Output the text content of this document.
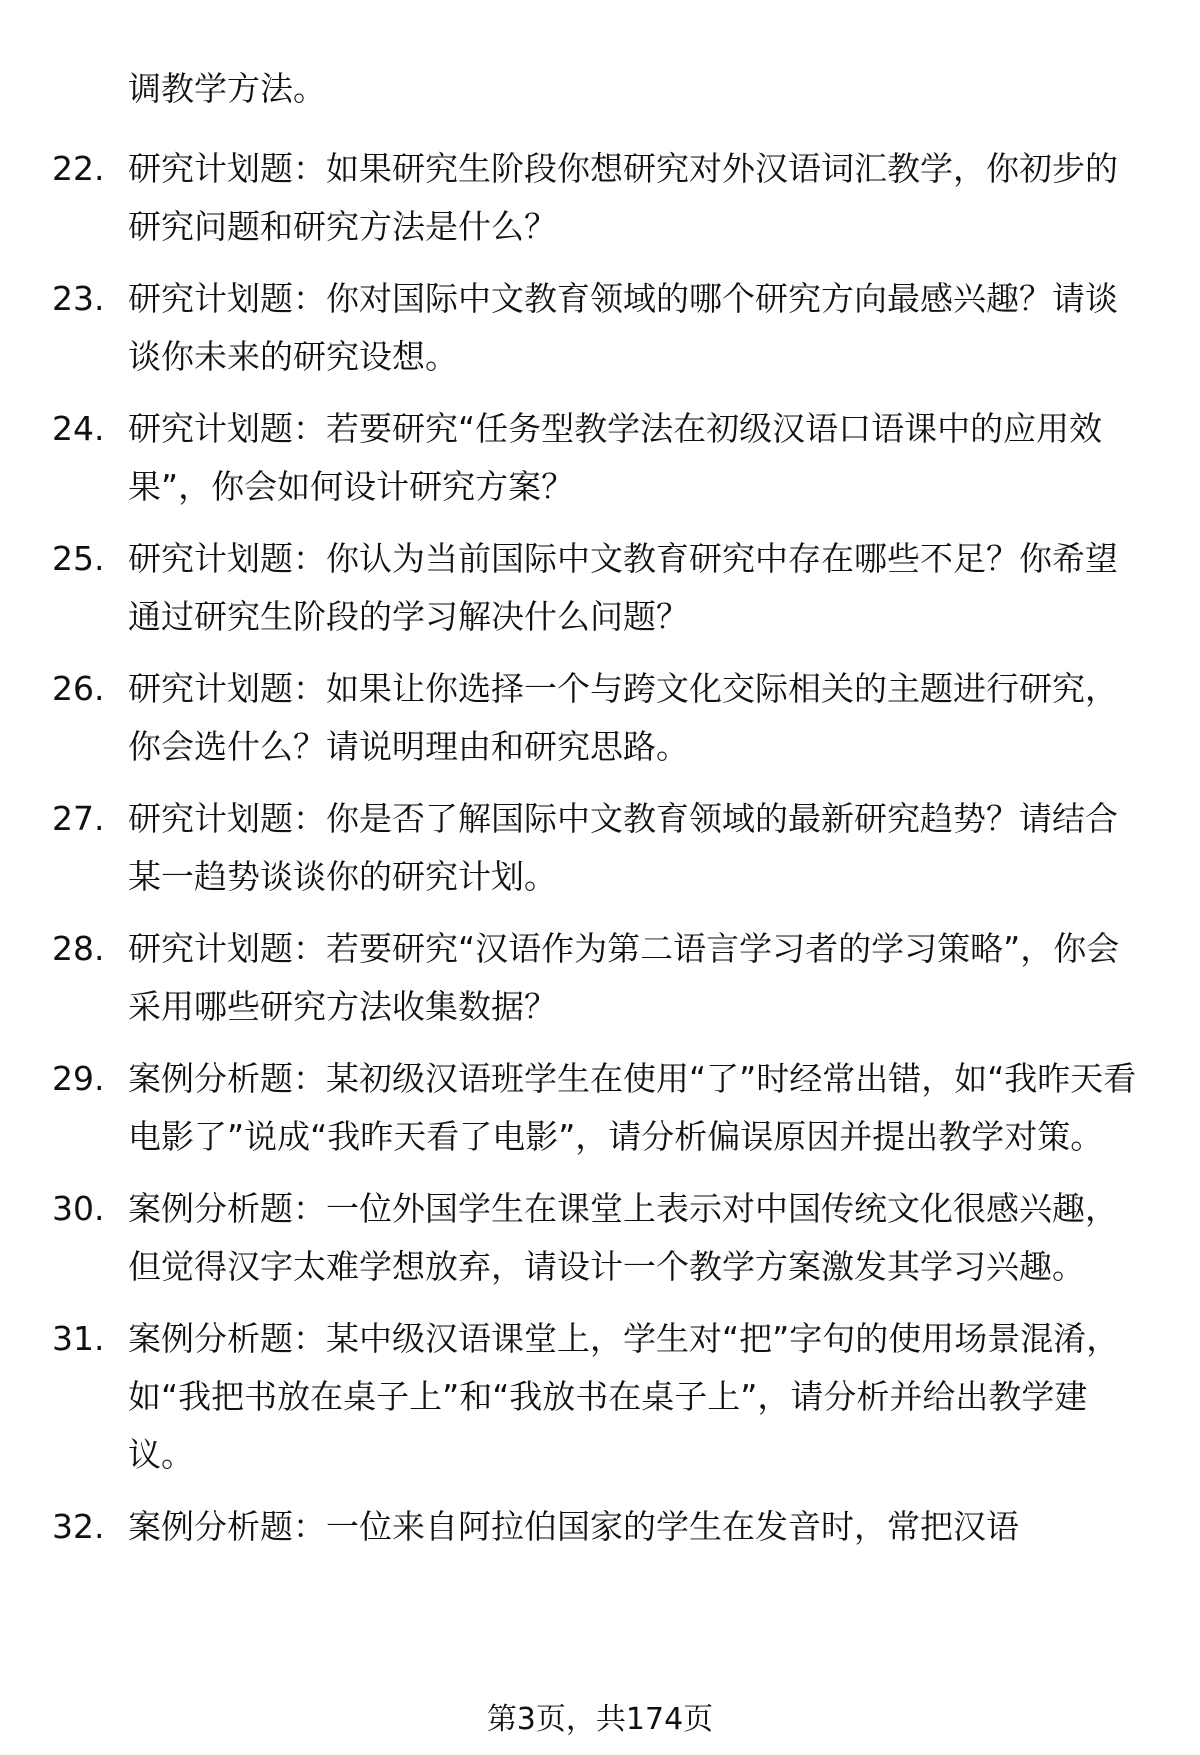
调教学方法。
22. 研究计划题：如果研究生阶段你想研究对外汉语词汇教学，你初步的研究问题和研究方法是什么？
23. 研究计划题：你对国际中文教育领域的哪个研究方向最感兴趣？请谈谈你未来的研究设想。
24. 研究计划题：若要研究“任务型教学法在初级汉语口语课中的应用效果”，你会如何设计研究方案？
25. 研究计划题：你认为当前国际中文教育研究中存在哪些不足？你希望通过研究生阶段的学习解决什么问题？
26. 研究计划题：如果让你选择一个与跨文化交际相关的主题进行研究，你会选什么？请说明理由和研究思路。
27. 研究计划题：你是否了解国际中文教育领域的最新研究趋势？请结合某一趋势谈谈你的研究计划。
28. 研究计划题：若要研究“汉语作为第二语言学习者的学习策略”，你会采用哪些研究方法收集数据？
29. 案例分析题：某初级汉语班学生在使用“了”时经常出错，如“我昨天看电影了”说成“我昨天看了电影”，请分析偏误原因并提出教学对策。
30. 案例分析题：一位外国学生在课堂上表示对中国传统文化很感兴趣，但觉得汉字太难学想放弃，请设计一个教学方案激发其学习兴趣。
31. 案例分析题：某中级汉语课堂上，学生对“把”字句的使用场景混淆，如“我把书放在桌子上”和“我放书在桌子上”，请分析并给出教学建议。
32. 案例分析题：一位来自阿拉伯国家的学生在发音时，常把汉语
第3页，共174页
